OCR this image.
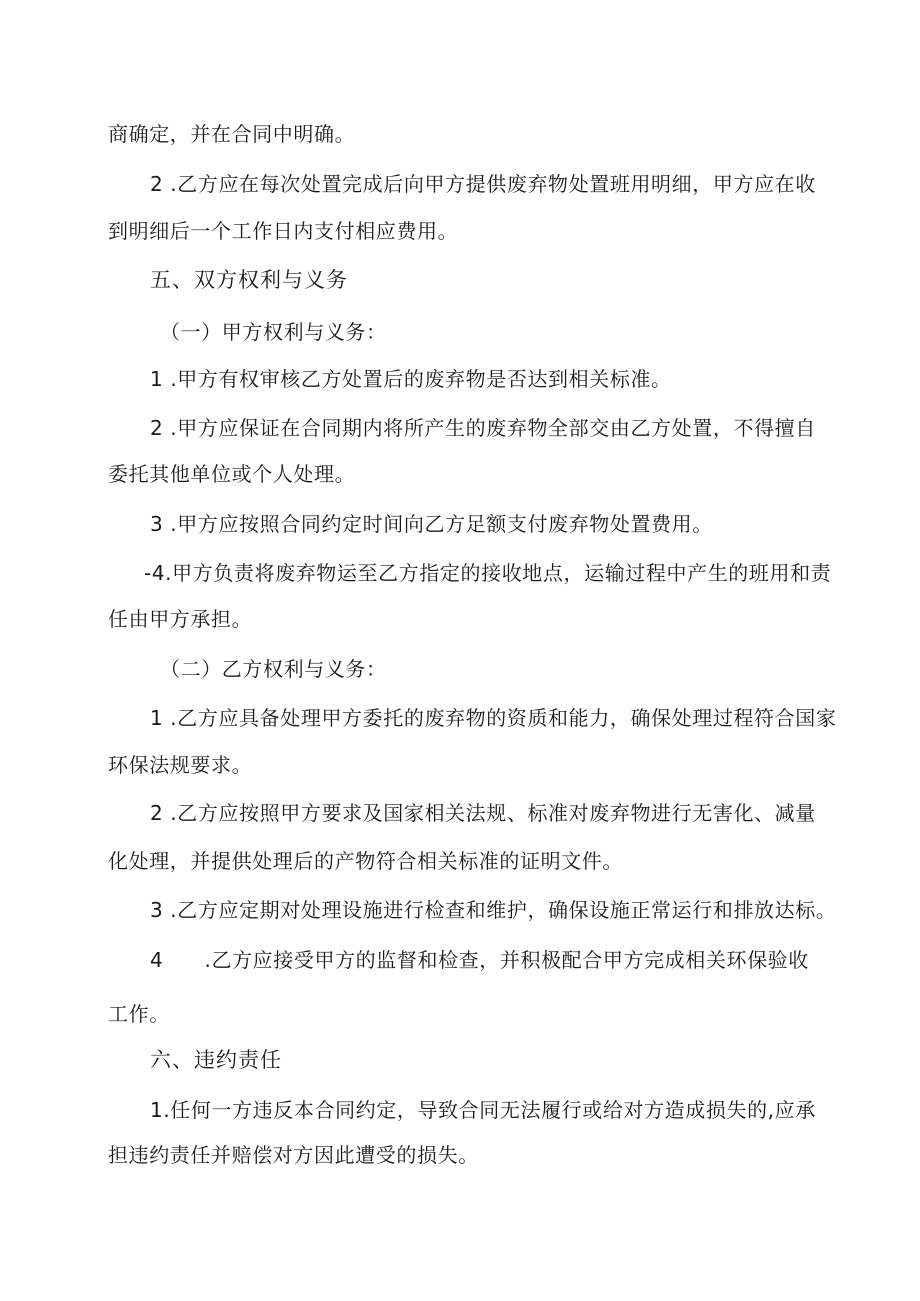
商确定，并在合同中明确。
2 .乙方应在每次处置完成后向甲方提供废弃物处置班用明细，甲方应在收
到明细后一个工作日内支付相应费用。
五、双方权利与义务
（一）甲方权利与义务：
1 .甲方有权审核乙方处置后的废弃物是否达到相关标准。
2 .甲方应保证在合同期内将所产生的废弃物全部交由乙方处置，不得擅自
委托其他单位或个人处理。
3 .甲方应按照合同约定时间向乙方足额支付废弃物处置费用。
-4.甲方负责将废弃物运至乙方指定的接收地点，运输过程中产生的班用和责
任由甲方承担。
（二）乙方权利与义务：
1 .乙方应具备处理甲方委托的废弃物的资质和能力，确保处理过程符合国家
环保法规要求。
2 .乙方应按照甲方要求及国家相关法规、标准对废弃物进行无害化、减量
化处理，并提供处理后的产物符合相关标准的证明文件。
3 .乙方应定期对处理设施进行检查和维护，确保设施正常运行和排放达标。
4　　.乙方应接受甲方的监督和检查，并积极配合甲方完成相关环保验收
工作。
六、违约责任
1.任何一方违反本合同约定，导致合同无法履行或给对方造成损失的,应承
担违约责任并赔偿对方因此遭受的损失。
